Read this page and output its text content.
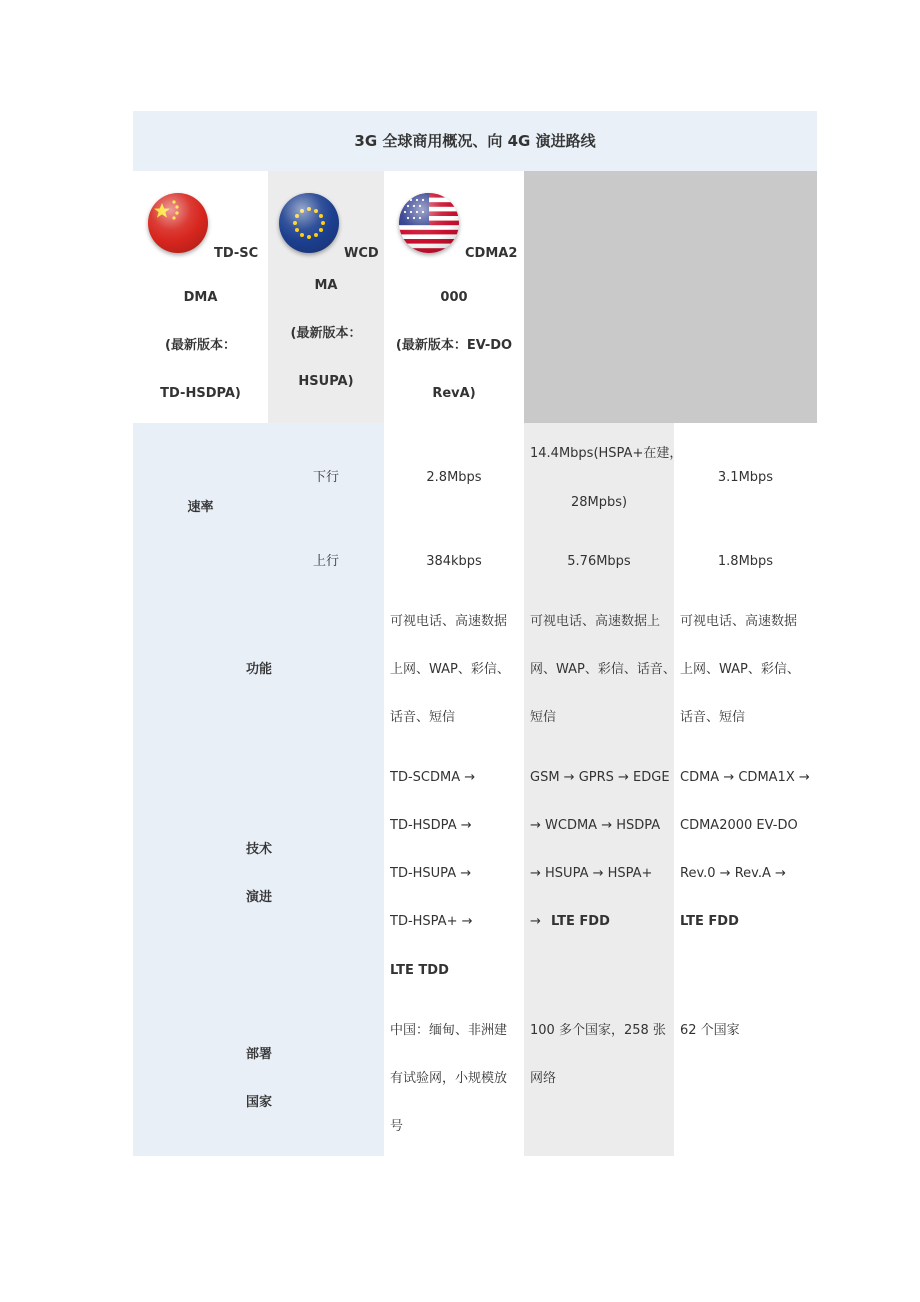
3G 全球商用概况、向 4G 演进路线
TD-SC
DMA
(最新版本：
TD-HSDPA)
WCD
MA
(最新版本：
HSUPA)
CDMA2
000
(最新版本：EV-DO
RevA)
速率
下行
上行
2.8Mbps
14.4Mbps(HSPA+在建，
28Mpbs)
3.1Mbps
384kbps	5.76Mbps	1.8Mbps
功能
可视电话、高速数据
上网、WAP、彩信、
话音、短信
可视电话、高速数据上
网、WAP、彩信、话音、
短信
可视电话、高速数据
上网、WAP、彩信、
话音、短信
技术
演进
TD-SCDMA →
TD-HSDPA →
TD-HSUPA →
TD-HSPA+ →
LTE TDD
GSM → GPRS → EDGE
→ WCDMA → HSDPA
→ HSUPA → HSPA+
→ LTE FDD
CDMA → CDMA1X →
CDMA2000 EV-DO
Rev.0 → Rev.A →
LTE FDD
部署
国家
中国：缅甸、非洲建
有试验网，小规模放
号
100 多个国家，258 张
网络
62 个国家
